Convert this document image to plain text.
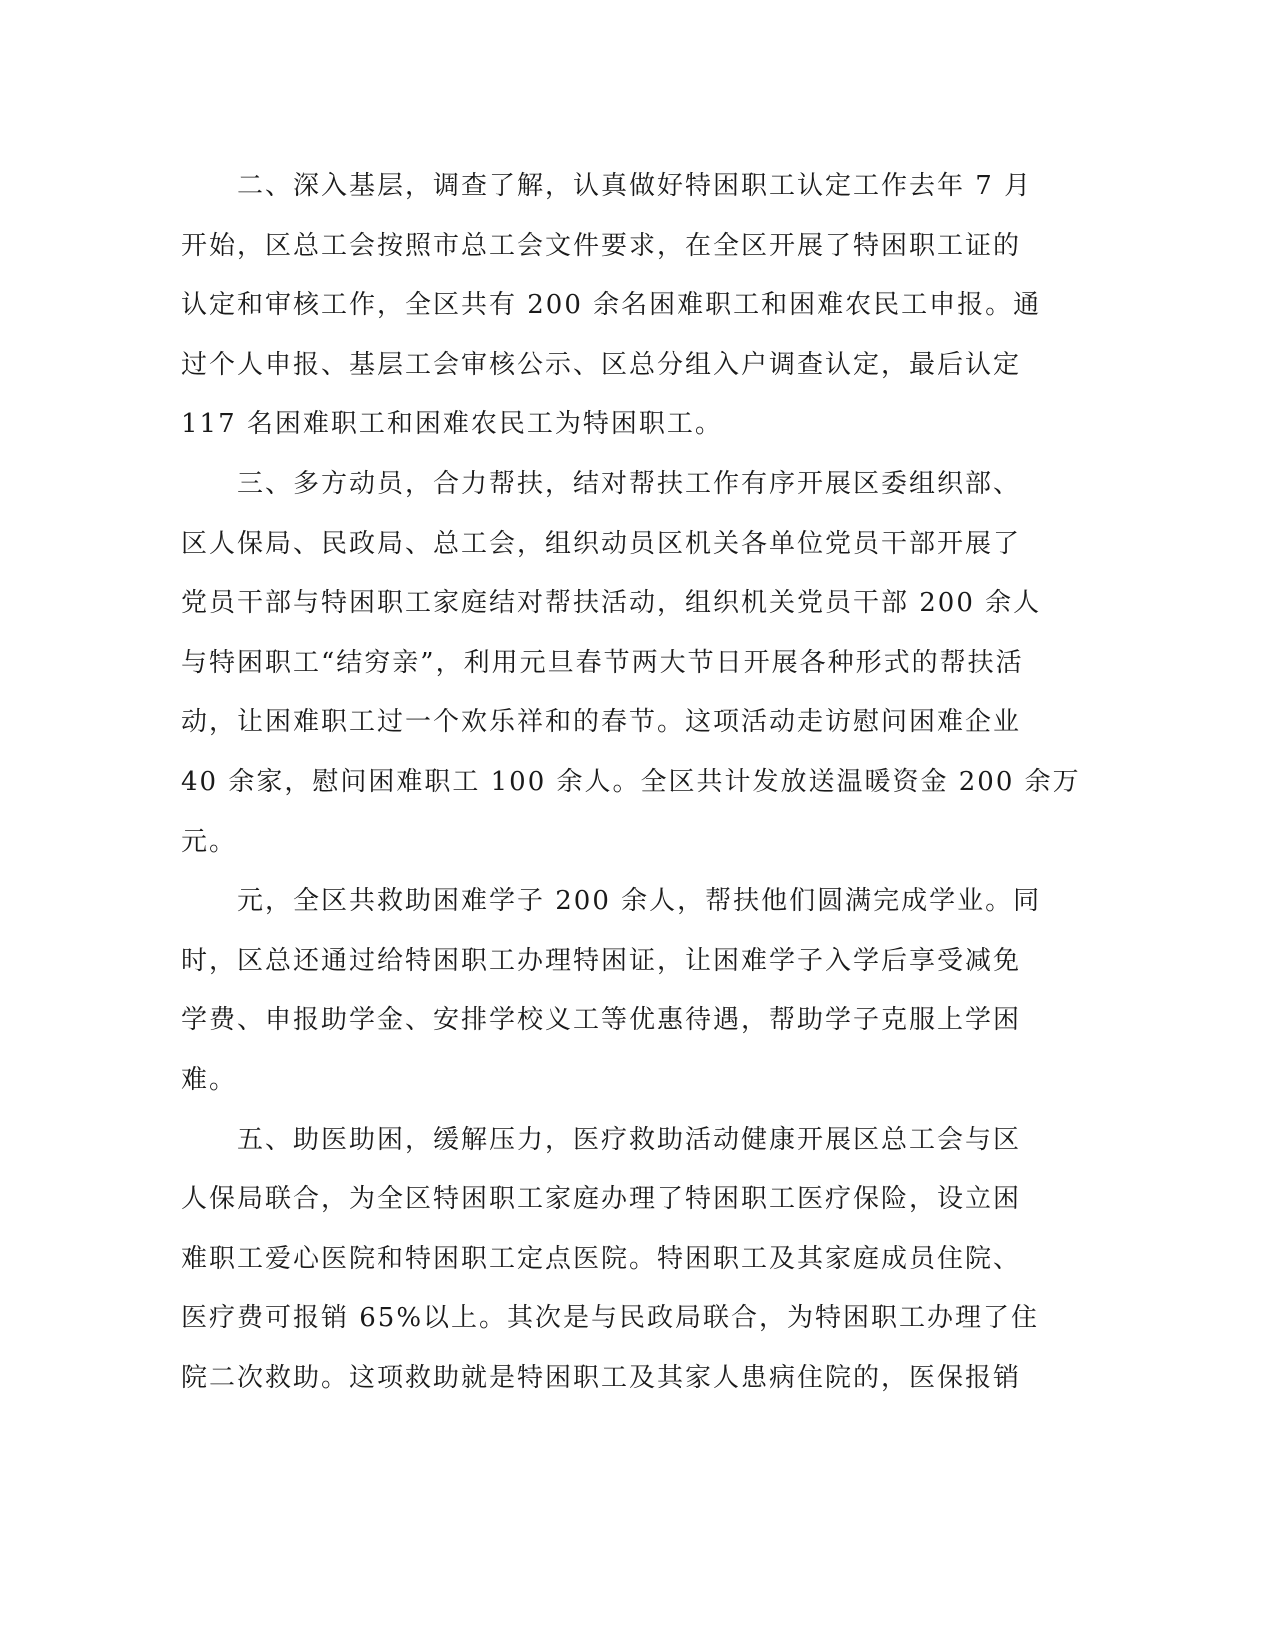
二、深入基层，调查了解，认真做好特困职工认定工作去年 7 月
开始，区总工会按照市总工会文件要求，在全区开展了特困职工证的
认定和审核工作，全区共有 200 余名困难职工和困难农民工申报。通
过个人申报、基层工会审核公示、区总分组入户调查认定，最后认定
117 名困难职工和困难农民工为特困职工。

三、多方动员，合力帮扶，结对帮扶工作有序开展区委组织部、
区人保局、民政局、总工会，组织动员区机关各单位党员干部开展了
党员干部与特困职工家庭结对帮扶活动，组织机关党员干部 200 余人
与特困职工“结穷亲”，利用元旦春节两大节日开展各种形式的帮扶活
动，让困难职工过一个欢乐祥和的春节。这项活动走访慰问困难企业
40 余家，慰问困难职工 100 余人。全区共计发放送温暖资金 200 余万
元。

元，全区共救助困难学子 200 余人，帮扶他们圆满完成学业。同
时，区总还通过给特困职工办理特困证，让困难学子入学后享受减免
学费、申报助学金、安排学校义工等优惠待遇，帮助学子克服上学困
难。

五、助医助困，缓解压力，医疗救助活动健康开展区总工会与区
人保局联合，为全区特困职工家庭办理了特困职工医疗保险，设立困
难职工爱心医院和特困职工定点医院。特困职工及其家庭成员住院、
医疗费可报销 65%以上。其次是与民政局联合，为特困职工办理了住
院二次救助。这项救助就是特困职工及其家人患病住院的，医保报销
